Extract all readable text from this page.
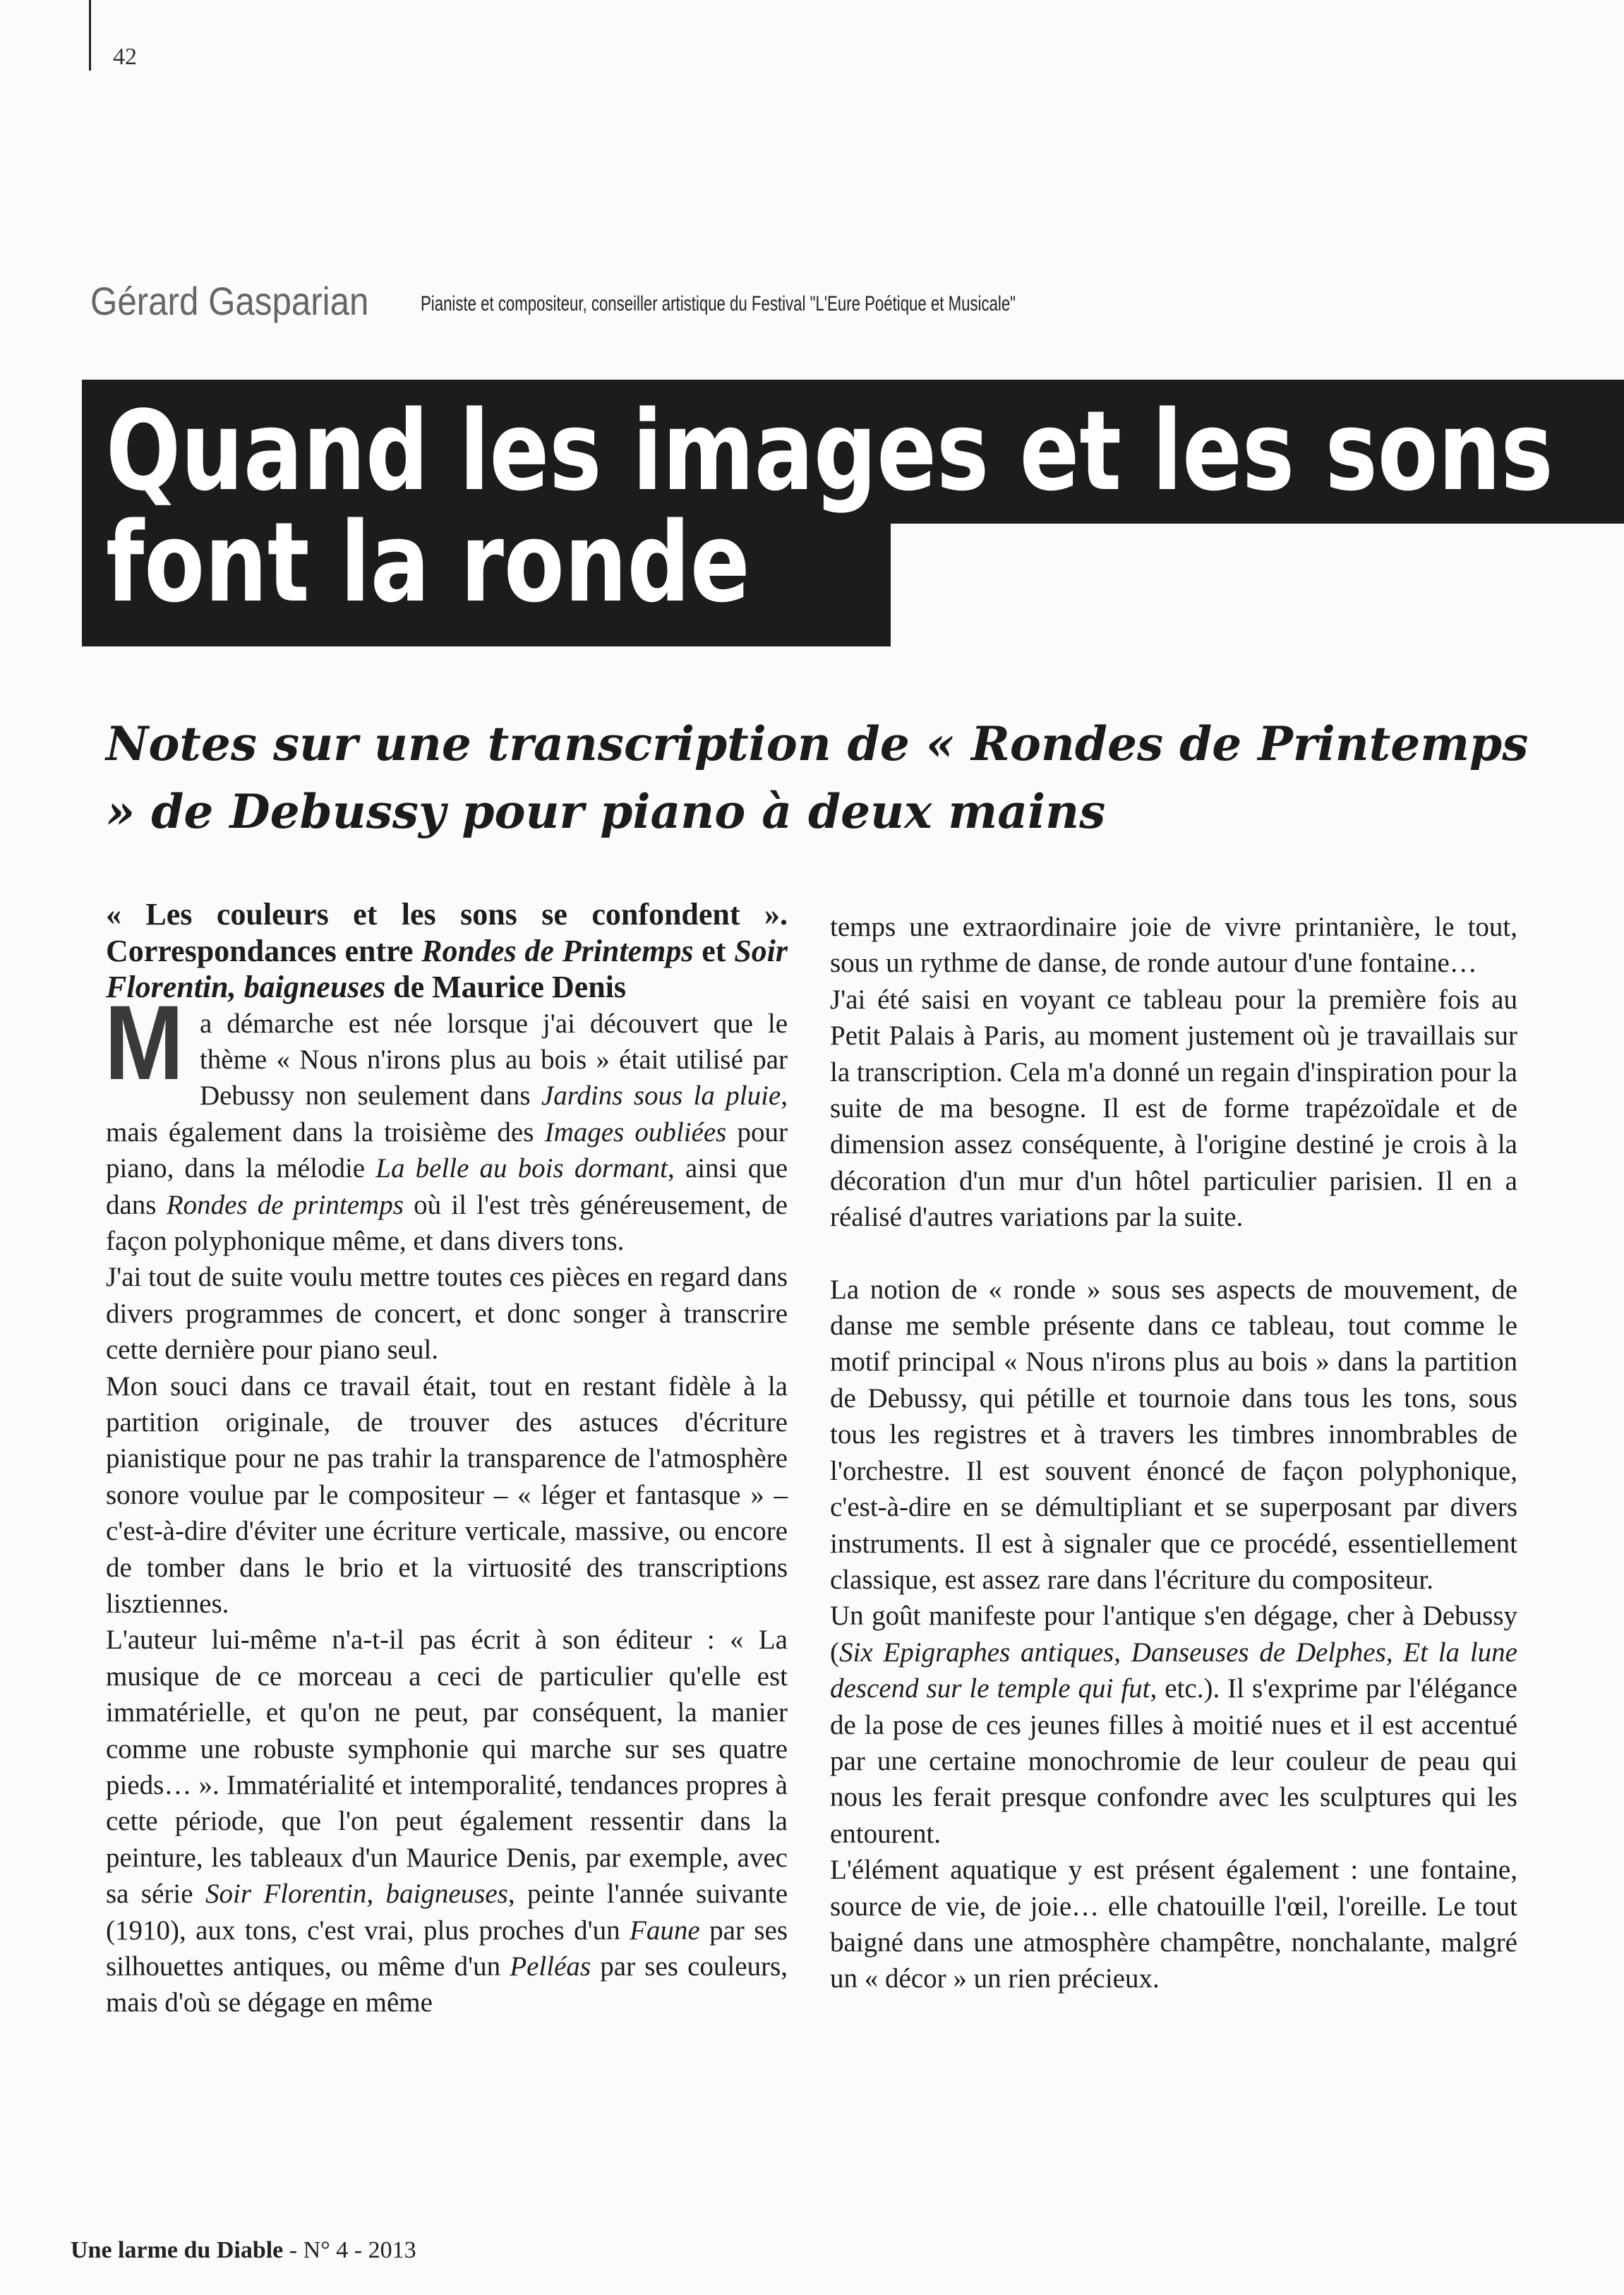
42
Gérard Gasparian Pianiste et compositeur, conseiller artistique du Festival "L'Eure Poétique et Musicale"
Quand les images et les sons
font la ronde
Notes sur une transcription de « Rondes de Printemps » de Debussy pour piano à deux mains

« Les couleurs et les sons se confondent ». Correspondances entre Rondes de Printemps et Soir Florentin, baigneuses de Maurice Denis

Ma démarche est née lorsque j'ai découvert que le thème « Nous n'irons plus au bois » était utilisé par Debussy non seulement dans Jardins sous la pluie, mais également dans la troisième des Images oubliées pour piano, dans la mélodie La belle au bois dormant, ainsi que dans Rondes de printemps où il l'est très généreusement, de façon polyphonique même, et dans divers tons.

J'ai tout de suite voulu mettre toutes ces pièces en regard dans divers programmes de concert, et donc songer à transcrire cette dernière pour piano seul.

Mon souci dans ce travail était, tout en restant fidèle à la partition originale, de trouver des astuces d'écriture pianistique pour ne pas trahir la transparence de l'atmosphère sonore voulue par le compositeur – « léger et fantasque » – c'est-à-dire d'éviter une écriture verticale, massive, ou encore de tomber dans le brio et la virtuosité des transcriptions lisztiennes.

L'auteur lui-même n'a-t-il pas écrit à son éditeur : « La musique de ce morceau a ceci de particulier qu'elle est immatérielle, et qu'on ne peut, par conséquent, la manier comme une robuste symphonie qui marche sur ses quatre pieds… ». Immatérialité et intemporalité, tendances propres à cette période, que l'on peut également ressentir dans la peinture, les tableaux d'un Maurice Denis, par exemple, avec sa série Soir Florentin, baigneuses, peinte l'année suivante (1910), aux tons, c'est vrai, plus proches d'un Faune par ses silhouettes antiques, ou même d'un Pelléas par ses couleurs, mais d'où se dégage en même

temps une extraordinaire joie de vivre printanière, le tout, sous un rythme de danse, de ronde autour d'une fontaine…

J'ai été saisi en voyant ce tableau pour la première fois au Petit Palais à Paris, au moment justement où je travaillais sur la transcription. Cela m'a donné un regain d'inspiration pour la suite de ma besogne. Il est de forme trapézoïdale et de dimension assez conséquente, à l'origine destiné je crois à la décoration d'un mur d'un hôtel particulier parisien. Il en a réalisé d'autres variations par la suite.

La notion de « ronde » sous ses aspects de mouvement, de danse me semble présente dans ce tableau, tout comme le motif principal « Nous n'irons plus au bois » dans la partition de Debussy, qui pétille et tournoie dans tous les tons, sous tous les registres et à travers les timbres innombrables de l'orchestre. Il est souvent énoncé de façon polyphonique, c'est-à-dire en se démultipliant et se superposant par divers instruments. Il est à signaler que ce procédé, essentiellement classique, est assez rare dans l'écriture du compositeur.

Un goût manifeste pour l'antique s'en dégage, cher à Debussy (Six Epigraphes antiques, Danseuses de Delphes, Et la lune descend sur le temple qui fut, etc.). Il s'exprime par l'élégance de la pose de ces jeunes filles à moitié nues et il est accentué par une certaine monochromie de leur couleur de peau qui nous les ferait presque confondre avec les sculptures qui les entourent.

L'élément aquatique y est présent également : une fontaine, source de vie, de joie… elle chatouille l'œil, l'oreille. Le tout baigné dans une atmosphère champêtre, nonchalante, malgré un « décor » un rien précieux.

Une larme du Diable - N° 4 - 2013
